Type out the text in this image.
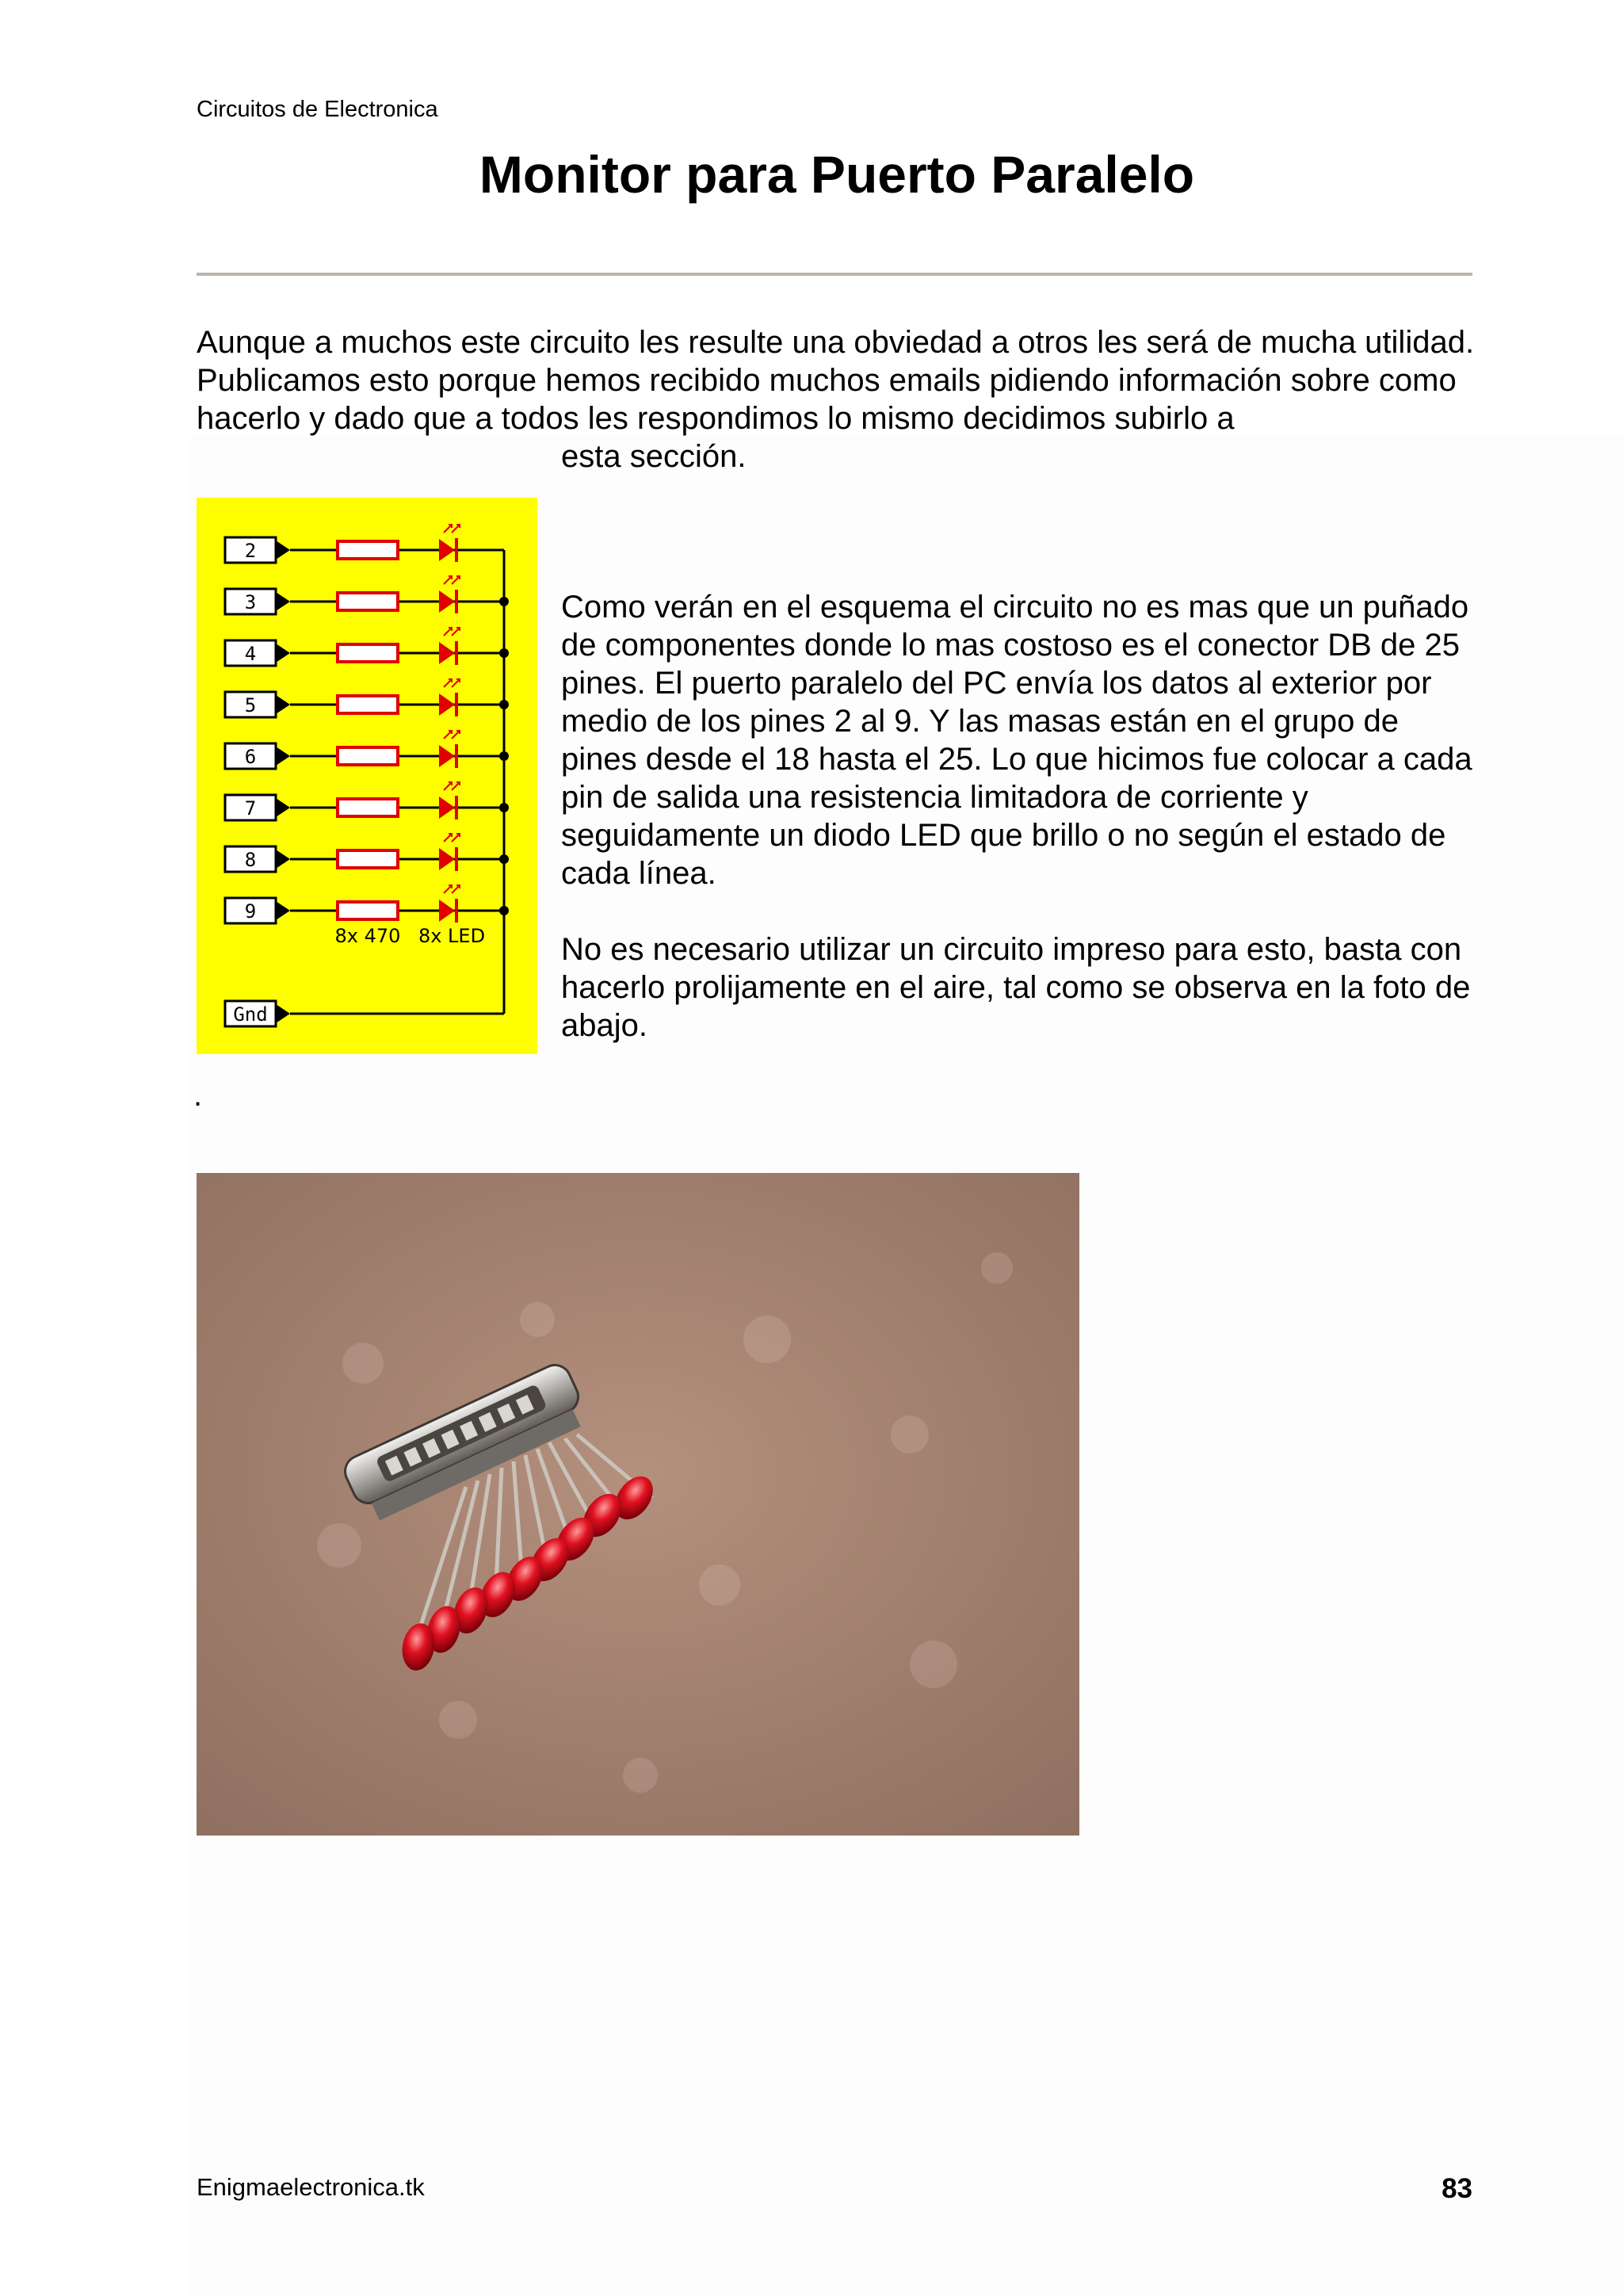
Circuitos de Electronica
Monitor para Puerto Paralelo
Aunque a muchos este circuito les resulte una obviedad a otros les será de mucha utilidad. Publicamos esto porque hemos recibido muchos emails pidiendo información sobre como hacerlo y dado que a todos les respondimos lo mismo decidimos subirlo a
esta sección.
2
3
4
5
6
7
8
9
Gnd
8x 470 8x LED

Como verán en el esquema el circuito no es mas que un puñado de componentes donde lo mas costoso es el conector DB de 25 pines. El puerto paralelo del PC envía los datos al exterior por medio de los pines 2 al 9. Y las masas están en el grupo de pines desde el 18 hasta el 25. Lo que hicimos fue colocar a cada pin de salida una resistencia limitadora de corriente y seguidamente un diodo LED que brillo o no según el estado de cada línea.

No es necesario utilizar un circuito impreso para esto, basta con hacerlo prolijamente en el aire, tal como se observa en la foto de abajo.

.
Enigmaelectronica.tk	83
